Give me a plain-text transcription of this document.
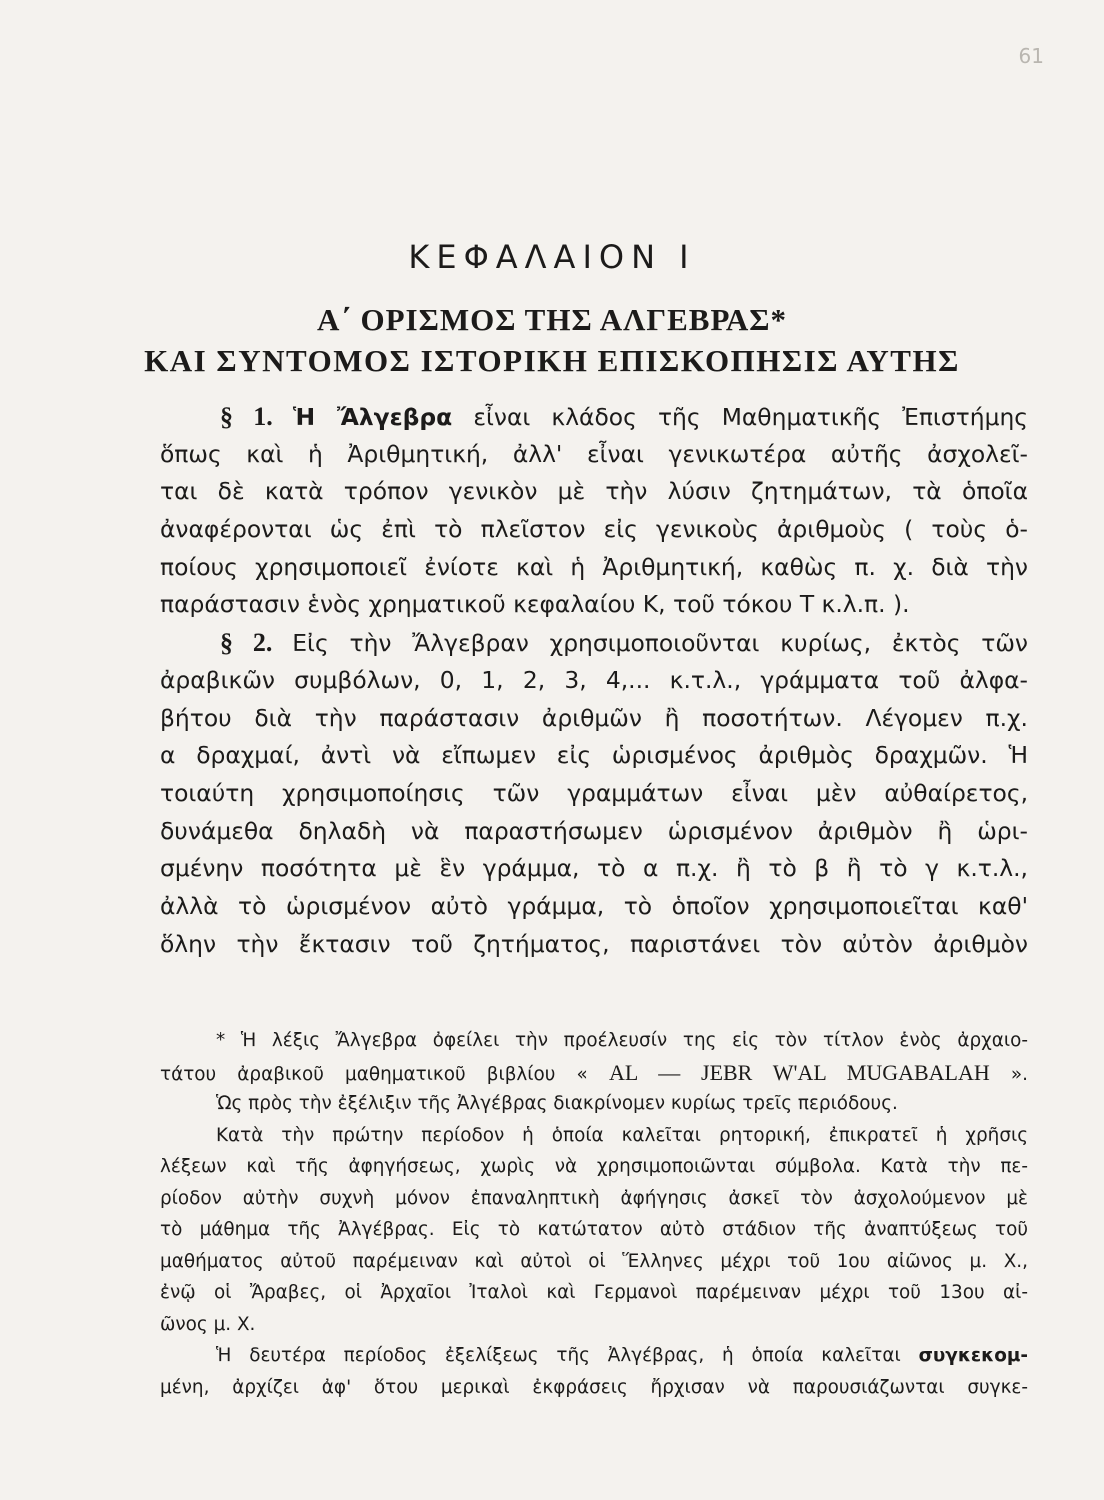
61
ΚΕΦΑΛΑΙΟΝ I
Α΄ ΟΡΙΣΜΟΣ ΤΗΣ ΑΛΓΕΒΡΑΣ*
ΚΑΙ ΣΥΝΤΟΜΟΣ ΙΣΤΟΡΙΚΗ ΕΠΙΣΚΟΠΗΣΙΣ ΑΥΤΗΣ
§ 1. Ἡ Ἄλγεβρα εἶναι κλάδος τῆς Μαθηματικῆς Ἐπιστήμης
ὅπως καὶ ἡ Ἀριθμητική, ἀλλ' εἶναι γενικωτέρα αὐτῆς ἀσχολεῖ-
ται δὲ κατὰ τρόπον γενικὸν μὲ τὴν λύσιν ζητημάτων, τὰ ὁποῖα
ἀναφέρονται ὡς ἐπὶ τὸ πλεῖστον εἰς γενικοὺς ἀριθμοὺς ( τοὺς ὁ-
ποίους χρησιμοποιεῖ ἐνίοτε καὶ ἡ Ἀριθμητική, καθὼς π. χ. διὰ τὴν
παράστασιν ἑνὸς χρηματικοῦ κεφαλαίου Κ, τοῦ τόκου Τ κ.λ.π. ).
§ 2. Εἰς τὴν Ἄλγεβραν χρησιμοποιοῦνται κυρίως, ἐκτὸς τῶν
ἀραβικῶν συμβόλων, 0, 1, 2, 3, 4,... κ.τ.λ., γράμματα τοῦ ἀλφα-
βήτου διὰ τὴν παράστασιν ἀριθμῶν ἢ ποσοτήτων. Λέγομεν π.χ.
α δραχμαί, ἀντὶ νὰ εἴπωμεν εἰς ὡρισμένος ἀριθμὸς δραχμῶν. Ἡ
τοιαύτη χρησιμοποίησις τῶν γραμμάτων εἶναι μὲν αὐθαίρετος,
δυνάμεθα δηλαδὴ νὰ παραστήσωμεν ὡρισμένον ἀριθμὸν ἢ ὡρι-
σμένην ποσότητα μὲ ἓν γράμμα, τὸ α π.χ. ἢ τὸ β ἢ τὸ γ κ.τ.λ.,
ἀλλὰ τὸ ὡρισμένον αὐτὸ γράμμα, τὸ ὁποῖον χρησιμοποιεῖται καθ'
ὅλην τὴν ἔκτασιν τοῦ ζητήματος, παριστάνει τὸν αὐτὸν ἀριθμὸν
* Ἡ λέξις Ἄλγεβρα ὀφείλει τὴν προέλευσίν της εἰς τὸν τίτλον ἑνὸς ἀρχαιο-
τάτου ἀραβικοῦ μαθηματικοῦ βιβλίου « AL — JEBR W'AL MUGABALAH ».
Ὡς πρὸς τὴν ἐξέλιξιν τῆς Ἀλγέβρας διακρίνομεν κυρίως τρεῖς περιόδους.
Κατὰ τὴν πρώτην περίοδον ἡ ὁποία καλεῖται ρητορική, ἐπικρατεῖ ἡ χρῆσις
λέξεων καὶ τῆς ἀφηγήσεως, χωρὶς νὰ χρησιμοποιῶνται σύμβολα. Κατὰ τὴν πε-
ρίοδον αὐτὴν συχνὴ μόνον ἐπαναληπτικὴ ἀφήγησις ἀσκεῖ τὸν ἀσχολούμενον μὲ
τὸ μάθημα τῆς Ἀλγέβρας. Εἰς τὸ κατώτατον αὐτὸ στάδιον τῆς ἀναπτύξεως τοῦ
μαθήματος αὐτοῦ παρέμειναν καὶ αὐτοὶ οἱ Ἕλληνες μέχρι τοῦ 1ου αἰῶνος μ. Χ.,
ἐνῷ οἱ Ἄραβες, οἱ Ἀρχαῖοι Ἰταλοὶ καὶ Γερμανοὶ παρέμειναν μέχρι τοῦ 13ου αἰ-
ῶνος μ. Χ.
Ἡ δευτέρα περίοδος ἐξελίξεως τῆς Ἀλγέβρας, ἡ ὁποία καλεῖται συγκεκομ-
μένη, ἀρχίζει ἀφ' ὅτου μερικαὶ ἐκφράσεις ἤρχισαν νὰ παρουσιάζωνται συγκε-
